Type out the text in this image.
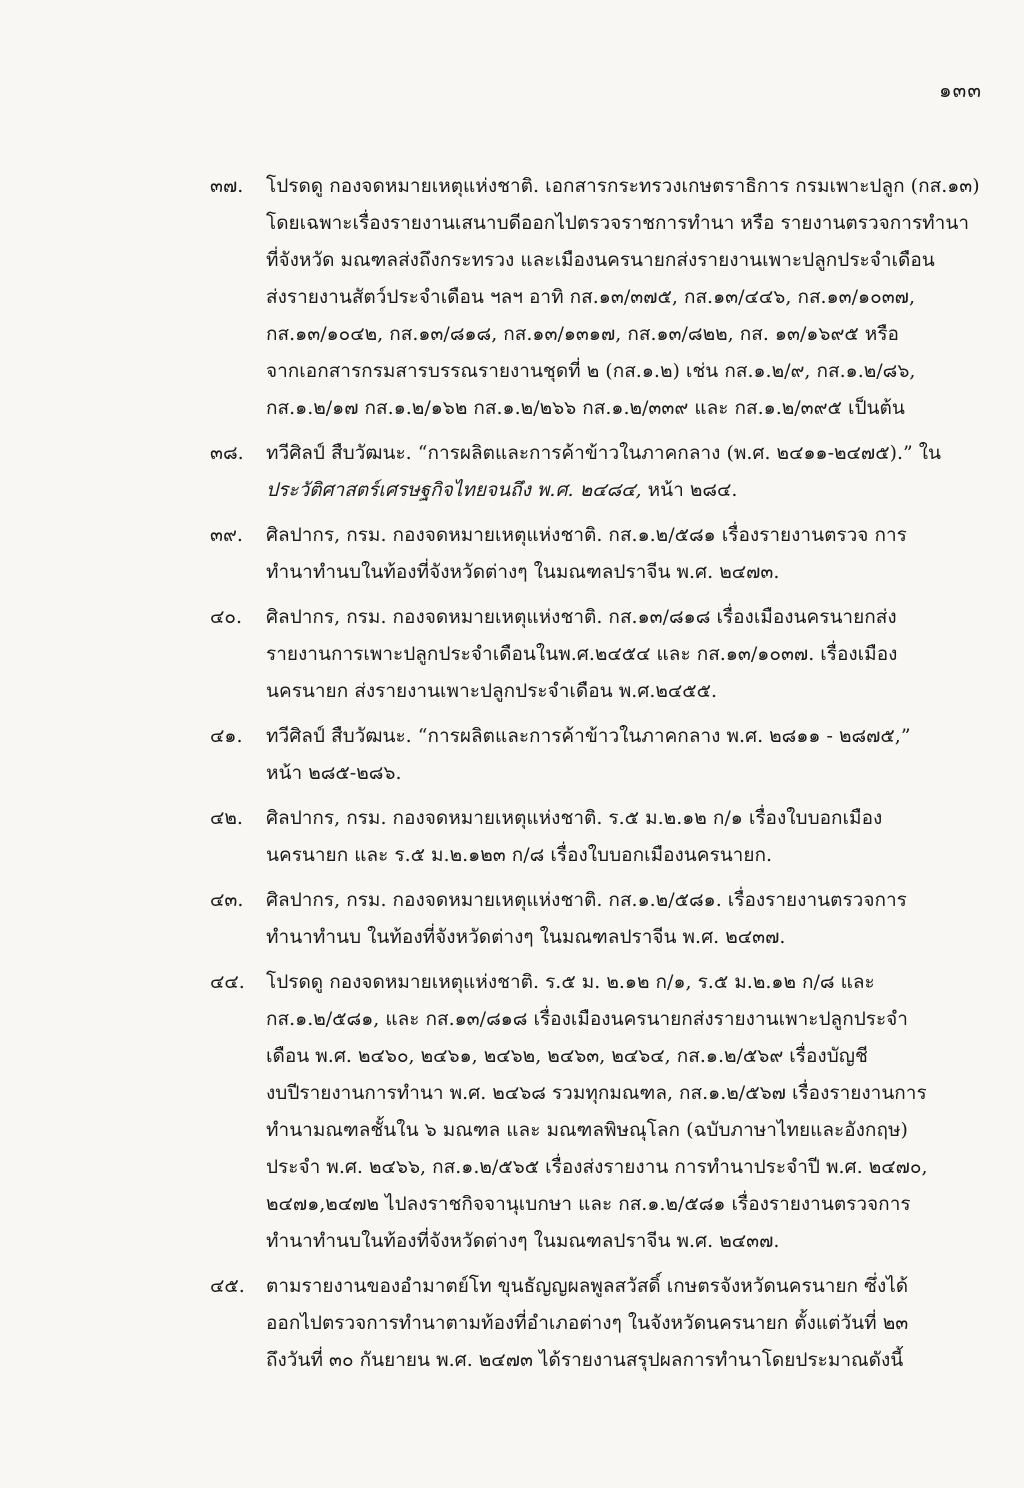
๑๓๓
๓๗.	โปรดดู กองจดหมายเหตุแห่งชาติ. เอกสารกระทรวงเกษตราธิการ กรมเพาะปลูก (กส.๑๓)
โดยเฉพาะเรื่องรายงานเสนาบดีออกไปตรวจราชการทำนา หรือ รายงานตรวจการทำนา
ที่จังหวัด มณฑลส่งถึงกระทรวง และเมืองนครนายกส่งรายงานเพาะปลูกประจำเดือน
ส่งรายงานสัตว์ประจำเดือน ฯลฯ อาทิ กส.๑๓/๓๗๕, กส.๑๓/๔๔๖, กส.๑๓/๑๐๓๗,
กส.๑๓/๑๐๔๒, กส.๑๓/๘๑๘, กส.๑๓/๑๓๑๗, กส.๑๓/๘๒๒, กส. ๑๓/๑๖๙๕ หรือ
จากเอกสารกรมสารบรรณรายงานชุดที่ ๒ (กส.๑.๒) เช่น กส.๑.๒/๙, กส.๑.๒/๘๖,
กส.๑.๒/๑๗ กส.๑.๒/๑๖๒ กส.๑.๒/๒๖๖ กส.๑.๒/๓๓๙ และ กส.๑.๒/๓๙๕ เป็นต้น
๓๘.	ทวีศิลป์ สืบวัฒนะ. “การผลิตและการค้าข้าวในภาคกลาง (พ.ศ. ๒๔๑๑-๒๔๗๕).” ใน
ประวัติศาสตร์เศรษฐกิจไทยจนถึง พ.ศ. ๒๔๘๔, หน้า ๒๘๔.
๓๙.	ศิลปากร, กรม. กองจดหมายเหตุแห่งชาติ. กส.๑.๒/๕๘๑ เรื่องรายงานตรวจ การ
ทำนาทำนบในท้องที่จังหวัดต่างๆ ในมณฑลปราจีน พ.ศ. ๒๔๗๓.
๔๐.	ศิลปากร, กรม. กองจดหมายเหตุแห่งชาติ. กส.๑๓/๘๑๘ เรื่องเมืองนครนายกส่ง
รายงานการเพาะปลูกประจำเดือนในพ.ศ.๒๔๕๔ และ กส.๑๓/๑๐๓๗. เรื่องเมือง
นครนายก ส่งรายงานเพาะปลูกประจำเดือน พ.ศ.๒๔๕๕.
๔๑.	ทวีศิลป์ สืบวัฒนะ. “การผลิตและการค้าข้าวในภาคกลาง พ.ศ. ๒๘๑๑ - ๒๘๗๕,”
หน้า ๒๘๕-๒๘๖.
๔๒.	ศิลปากร, กรม. กองจดหมายเหตุแห่งชาติ. ร.๕ ม.๒.๑๒ ก/๑ เรื่องใบบอกเมือง
นครนายก และ ร.๕ ม.๒.๑๒๓ ก/๘ เรื่องใบบอกเมืองนครนายก.
๔๓.	ศิลปากร, กรม. กองจดหมายเหตุแห่งชาติ. กส.๑.๒/๕๘๑. เรื่องรายงานตรวจการ
ทำนาทำนบ ในท้องที่จังหวัดต่างๆ ในมณฑลปราจีน พ.ศ. ๒๔๓๗.
๔๔.	โปรดดู กองจดหมายเหตุแห่งชาติ. ร.๕ ม. ๒.๑๒ ก/๑, ร.๕ ม.๒.๑๒ ก/๘ และ
กส.๑.๒/๕๘๑, และ กส.๑๓/๘๑๘ เรื่องเมืองนครนายกส่งรายงานเพาะปลูกประจำ
เดือน พ.ศ. ๒๔๖๐, ๒๔๖๑, ๒๔๖๒, ๒๔๖๓, ๒๔๖๔, กส.๑.๒/๕๖๙ เรื่องบัญชี
งบปีรายงานการทำนา พ.ศ. ๒๔๖๘ รวมทุกมณฑล, กส.๑.๒/๕๖๗ เรื่องรายงานการ
ทำนามณฑลชั้นใน ๖ มณฑล และ มณฑลพิษณุโลก (ฉบับภาษาไทยและอังกฤษ)
ประจำ พ.ศ. ๒๔๖๖, กส.๑.๒/๕๖๕ เรื่องส่งรายงาน การทำนาประจำปี พ.ศ. ๒๔๗๐,
๒๔๗๑,๒๔๗๒ ไปลงราชกิจจานุเบกษา และ กส.๑.๒/๕๘๑ เรื่องรายงานตรวจการ
ทำนาทำนบในท้องที่จังหวัดต่างๆ ในมณฑลปราจีน พ.ศ. ๒๔๓๗.
๔๕.	ตามรายงานของอำมาตย์โท ขุนธัญญผลพูลสวัสดิ์ เกษตรจังหวัดนครนายก ซึ่งได้
ออกไปตรวจการทำนาตามท้องที่อำเภอต่างๆ ในจังหวัดนครนายก ตั้งแต่วันที่ ๒๓
ถึงวันที่ ๓๐ กันยายน พ.ศ. ๒๔๗๓ ได้รายงานสรุปผลการทำนาโดยประมาณดังนี้
